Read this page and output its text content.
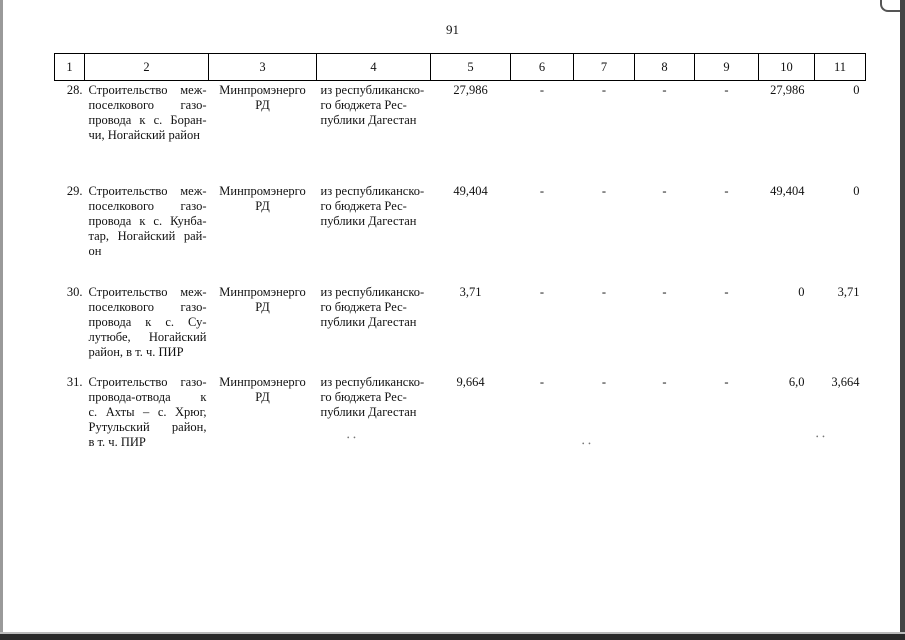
91
1	2	3	4	5	6	7	8	9	10	11
28.	Строительство меж-
поселкового газо-
провода к с. Боран-
чи, Ногайский район	Минпромэнерго
РД	из республиканско-
го бюджета Рес-
публики Дагестан	27,986	-	-	-	-	27,986	0
29.	Строительство меж-
поселкового газо-
провода к с. Кунба-
тар, Ногайский рай-
он	Минпромэнерго
РД	из республиканско-
го бюджета Рес-
публики Дагестан	49,404	-	-	-	-	49,404	0
30.	Строительство меж-
поселкового газо-
провода к с. Су-
лутюбе, Ногайский
район, в т. ч. ПИР	Минпромэнерго
РД	из республиканско-
го бюджета Рес-
публики Дагестан	3,71	-	-	-	-	0	3,71
31.	Строительство газо-
провода-отвода к
с. Ахты – с. Хрюг,
Рутульский район,
в т. ч. ПИР	Минпромэнерго
РД	из республиканско-
го бюджета Рес-
публики Дагестан	9,664	-	-	-	-	6,0	3,664
• •
• •
• •
